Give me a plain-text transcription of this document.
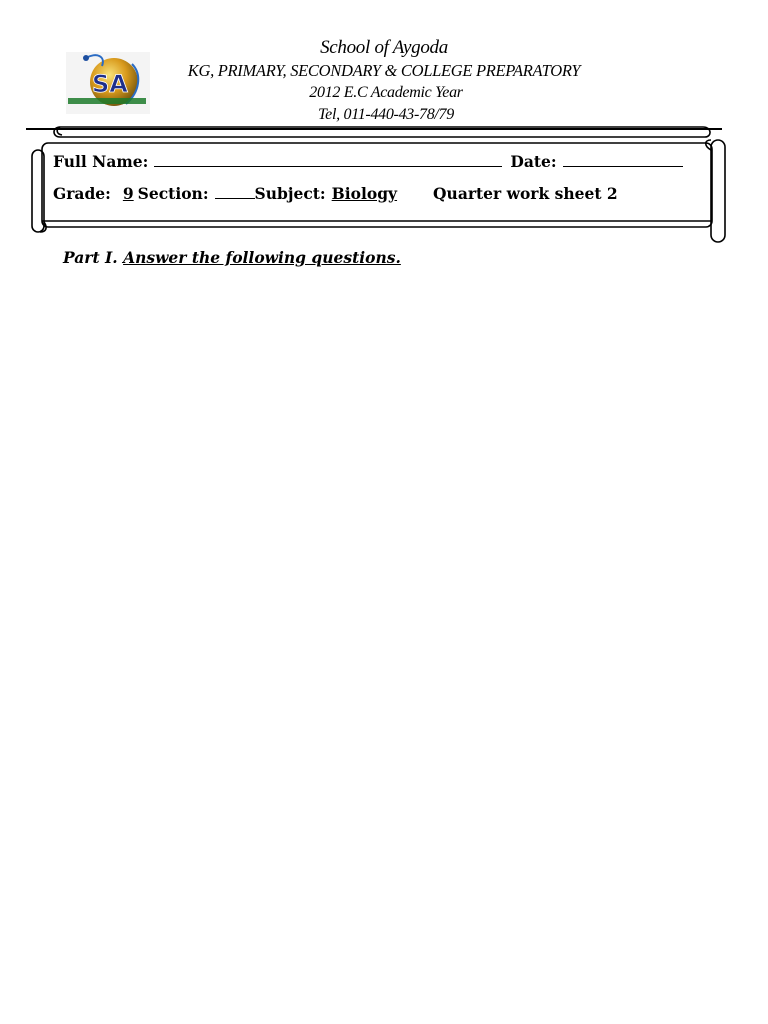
School of Aygoda
KG, PRIMARY, SECONDARY & COLLEGE PREPARATORY
2012 E.C Academic Year
Tel, 011-440-43-78/79
SA
Full Name:	Date:
Grade: 9 Section:	Subject: Biology Quarter work sheet 2
Part I. Answer the following questions.
